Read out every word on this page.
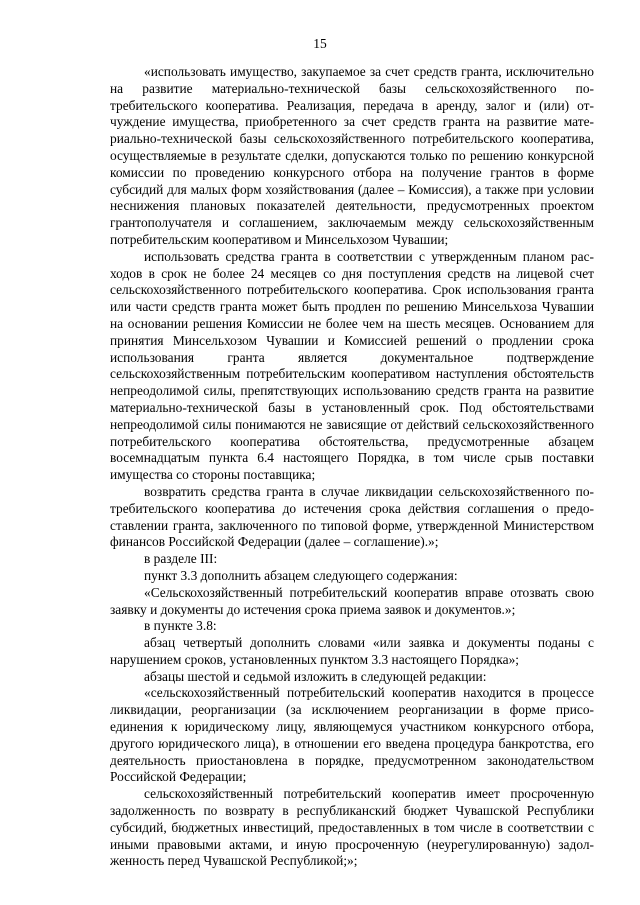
15

«использовать имущество, закупаемое за счет средств гранта, исключительно на развитие материально-технической базы сельскохозяйственного потребительского кооператива. Реализация, передача в аренду, залог и (или) отчуждение имущества, приобретенного за счет средств гранта на развитие материально-технической базы сельскохозяйственного потребительского кооператива, осуществляемые в результате сделки, допускаются только по решению конкурсной комиссии по проведению конкурсного отбора на получение грантов в форме субсидий для малых форм хозяйствования (далее – Комиссия), а также при условии неснижения плановых показателей деятельности, предусмотренных проектом грантополучателя и соглашением, заключаемым между сельскохозяйственным потребительским кооперативом и Минсельхозом Чувашии;

использовать средства гранта в соответствии с утвержденным планом расходов в срок не более 24 месяцев со дня поступления средств на лицевой счет сельскохозяйственного потребительского кооператива. Срок использования гранта или части средств гранта может быть продлен по решению Минсельхоза Чувашии на основании решения Комиссии не более чем на шесть месяцев. Основанием для принятия Минсельхозом Чувашии и Комиссией решений о продлении срока использования гранта является документальное подтверждение сельскохозяйственным потребительским кооперативом наступления обстоятельств непреодолимой силы, препятствующих использованию средств гранта на развитие материально-технической базы в установленный срок. Под обстоятельствами непреодолимой силы понимаются не зависящие от действий сельскохозяйственного потребительского кооператива обстоятельства, предусмотренные абзацем восемнадцатым пункта 6.4 настоящего Порядка, в том числе срыв поставки имущества со стороны поставщика;

возвратить средства гранта в случае ликвидации сельскохозяйственного потребительского кооператива до истечения срока действия соглашения о предоставлении гранта, заключенного по типовой форме, утвержденной Министерством финансов Российской Федерации (далее – соглашение).»;

в разделе III:

пункт 3.3 дополнить абзацем следующего содержания:

«Сельскохозяйственный потребительский кооператив вправе отозвать свою заявку и документы до истечения срока приема заявок и документов.»;

в пункте 3.8:

абзац четвертый дополнить словами «или заявка и документы поданы с нарушением сроков, установленных пунктом 3.3 настоящего Порядка»;

абзацы шестой и седьмой изложить в следующей редакции:

«сельскохозяйственный потребительский кооператив находится в процессе ликвидации, реорганизации (за исключением реорганизации в форме присоединения к юридическому лицу, являющемуся участником конкурсного отбора, другого юридического лица), в отношении его введена процедура банкротства, его деятельность приостановлена в порядке, предусмотренном законодательством Российской Федерации;

сельскохозяйственный потребительский кооператив имеет просроченную задолженность по возврату в республиканский бюджет Чувашской Республики субсидий, бюджетных инвестиций, предоставленных в том числе в соответствии с иными правовыми актами, и иную просроченную (неурегулированную) задолженность перед Чувашской Республикой;»;
